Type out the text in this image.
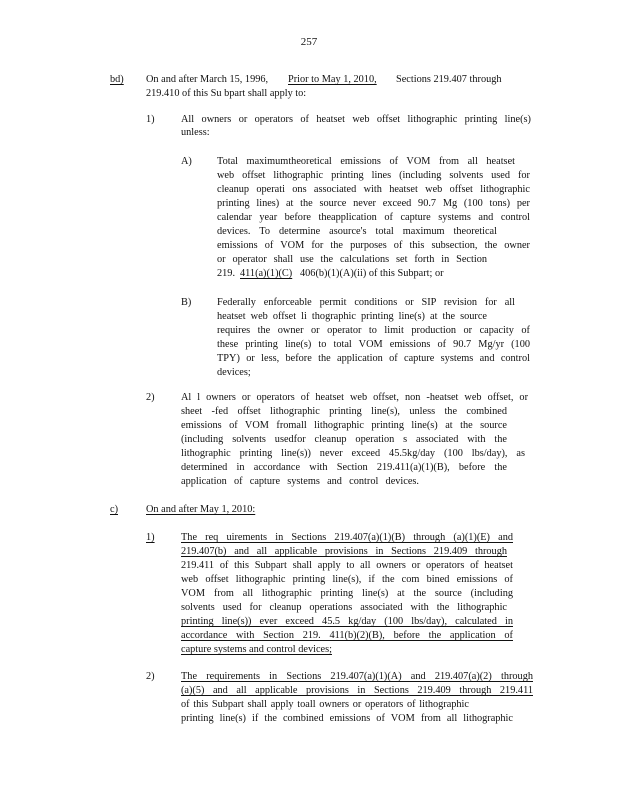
257
bd) On and after March 15, 1996, Prior to May 1, 2010, Sections 219.407 through
219.410 of this Su bpart shall apply to:
1)	All owners or operators of heatset web offset lithographic printing line(s)
unless:
A) Total maximumtheoretical emissions of VOM from all heatset
web offset lithographic printing lines (including solvents used for
cleanup operati ons associated with heatset web offset lithographic
printing lines) at the source never exceed 90.7 Mg (100 tons) per
calendar year before theapplication of capture systems and control
devices. To determine asource's total maximum theoretical
emissions of VOM for the purposes of this subsection, the owner
or operator shall use the calculations set forth in Section
219. 411(a)(1)(C) 406(b)(1)(A)(ii) of this Subpart; or
B) Federally enforceable permit conditions or SIP revision for all
heatset web offset li thographic printing line(s) at the source
requires the owner or operator to limit production or capacity of
these printing line(s) to total VOM emissions of 90.7 Mg/yr (100
TPY) or less, before the application of capture systems and control
devices;
2)	Al l owners or operators of heatset web offset, non -heatset web offset, or
sheet -fed offset lithographic printing line(s), unless the combined
emissions of VOM fromall lithographic printing line(s) at the source
(including solvents usedfor cleanup operation s associated with the
lithographic printing line(s)) never exceed 45.5kg/day (100 lbs/day), as
determined in accordance with Section 219.411(a)(1)(B), before the
application of capture systems and control devices.
c)	On and after May 1, 2010:
1)	The req uirements in Sections 219.407(a)(1)(B) through (a)(1)(E) and
219.407(b) and all applicable provisions in Sections 219.409 through
219.411 of this Subpart shall apply to all owners or operators of heatset
web offset lithographic printing line(s), if the com bined emissions of
VOM from all lithographic printing line(s) at the source (including
solvents used for cleanup operations associated with the lithographic
printing line(s)) ever exceed 45.5 kg/day (100 lbs/day), calculated in
accordance with Section 219. 411(b)(2)(B), before the application of
capture systems and control devices;
2)	The requirements in Sections 219.407(a)(1)(A) and 219.407(a)(2) through
(a)(5) and all applicable provisions in Sections 219.409 through 219.411
of this Subpart shall apply toall owners or operators of lithographic
printing line(s) if the combined emissions of VOM from all lithographic
